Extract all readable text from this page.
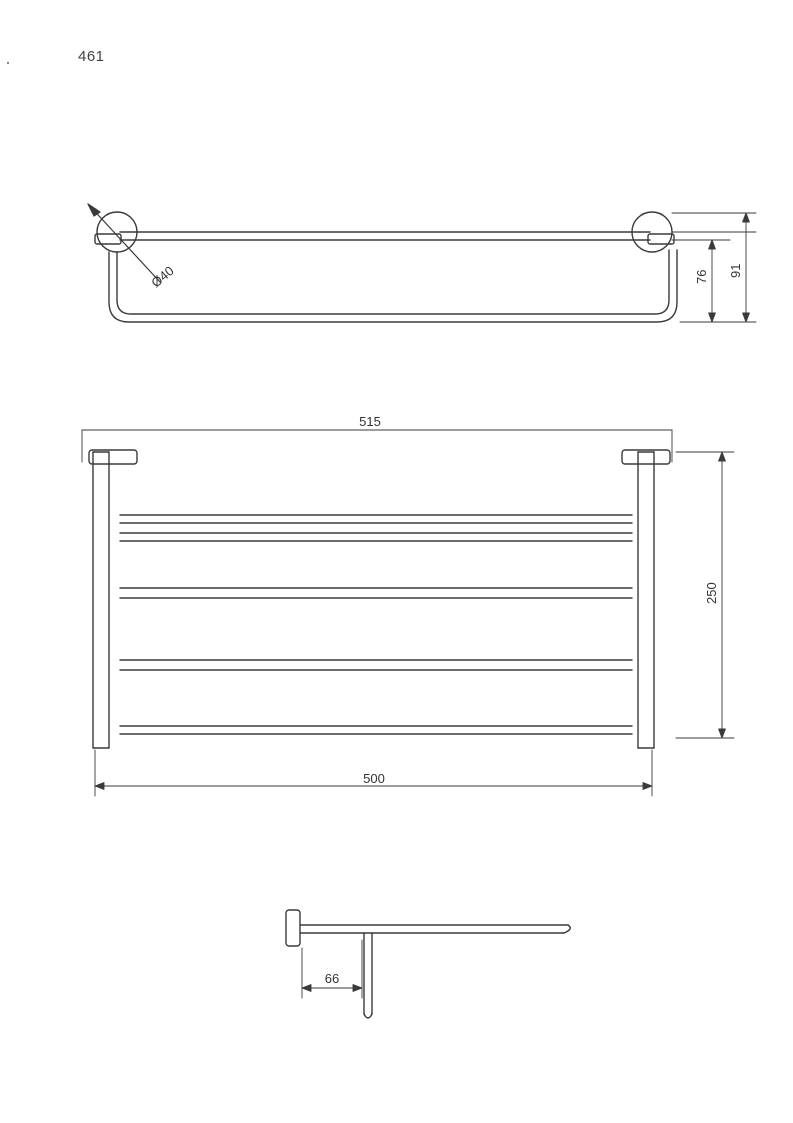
461
Ø40	76 91
515
500
250
66
